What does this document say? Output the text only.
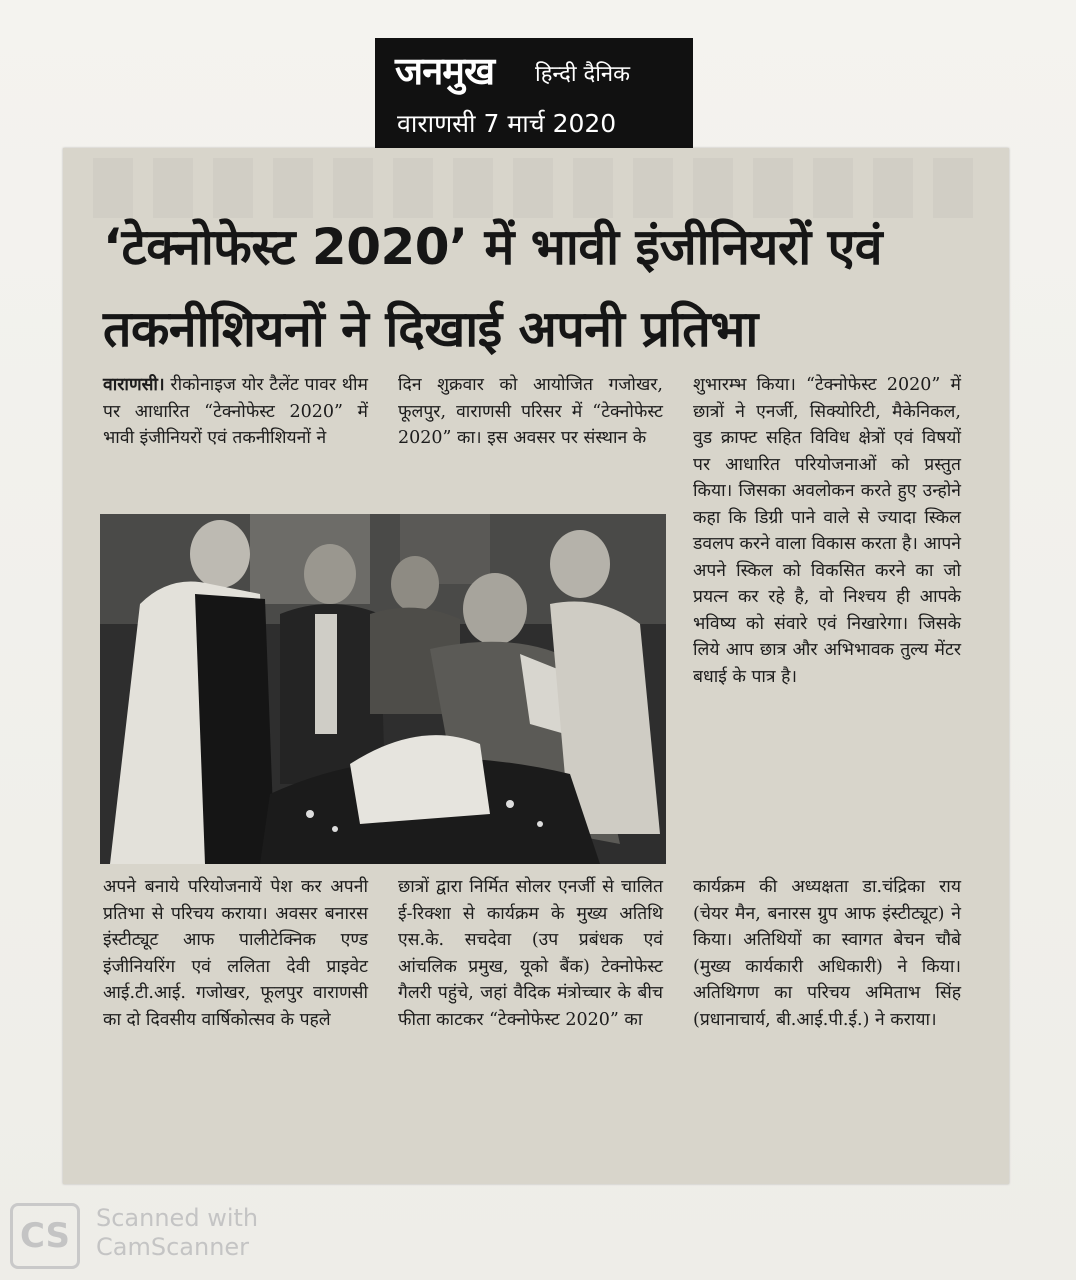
जनमुख हिन्दी दैनिक
वाराणसी 7 मार्च 2020
‘टेक्नोफेस्ट 2020’ में भावी इंजीनियरों एवं
तकनीशियनों ने दिखाई अपनी प्रतिभा
वाराणसी। रीकोनाइज योर टैलेंट पावर थीम पर आधारित “टेक्नोफेस्ट 2020” में भावी इंजीनियरों एवं तकनीशियनों ने
दिन शुक्रवार को आयोजित गजोखर, फूलपुर, वाराणसी परिसर में “टेक्नोफेस्ट 2020” का। इस अवसर पर संस्थान के
शुभारम्भ किया। “टेक्नोफेस्ट 2020” में छात्रों ने एनर्जी, सिक्योरिटी, मैकेनिकल, वुड क्राफ्ट सहित विविध क्षेत्रों एवं विषयों पर आधारित परियोजनाओं को प्रस्तुत किया। जिसका अवलोकन करते हुए उन्होने कहा कि डिग्री पाने वाले से ज्यादा स्किल डवलप करने वाला विकास करता है। आपने अपने स्किल को विकसित करने का जो प्रयत्न कर रहे है, वो निश्चय ही आपके भविष्य को संवारे एवं निखारेगा। जिसके लिये आप छात्र और अभिभावक तुल्य मेंटर बधाई के पात्र है।
अपने बनाये परियोजनायें पेश कर अपनी प्रतिभा से परिचय कराया। अवसर बनारस इंस्टीट्यूट आफ पालीटेक्निक एण्ड इंजीनियरिंग एवं ललिता देवी प्राइवेट आई.टी.आई. गजोखर, फूलपुर वाराणसी का दो दिवसीय वार्षिकोत्सव के पहले
छात्रों द्वारा निर्मित सोलर एनर्जी से चालित ई-रिक्शा से कार्यक्रम के मुख्य अतिथि एस.के. सचदेवा (उप प्रबंधक एवं आंचलिक प्रमुख, यूको बैंक) टेक्नोफेस्ट गैलरी पहुंचे, जहां वैदिक मंत्रोच्चार के बीच फीता काटकर “टेक्नोफेस्ट 2020” का
कार्यक्रम की अध्यक्षता डा.चंद्रिका राय (चेयर मैन, बनारस ग्रुप आफ इंस्टीट्यूट) ने किया। अतिथियों का स्वागत बेचन चौबे (मुख्य कार्यकारी अधिकारी) ने किया। अतिथिगण का परिचय अमिताभ सिंह (प्रधानाचार्य, बी.आई.पी.ई.) ने कराया।
CS	Scanned with
CamScanner
